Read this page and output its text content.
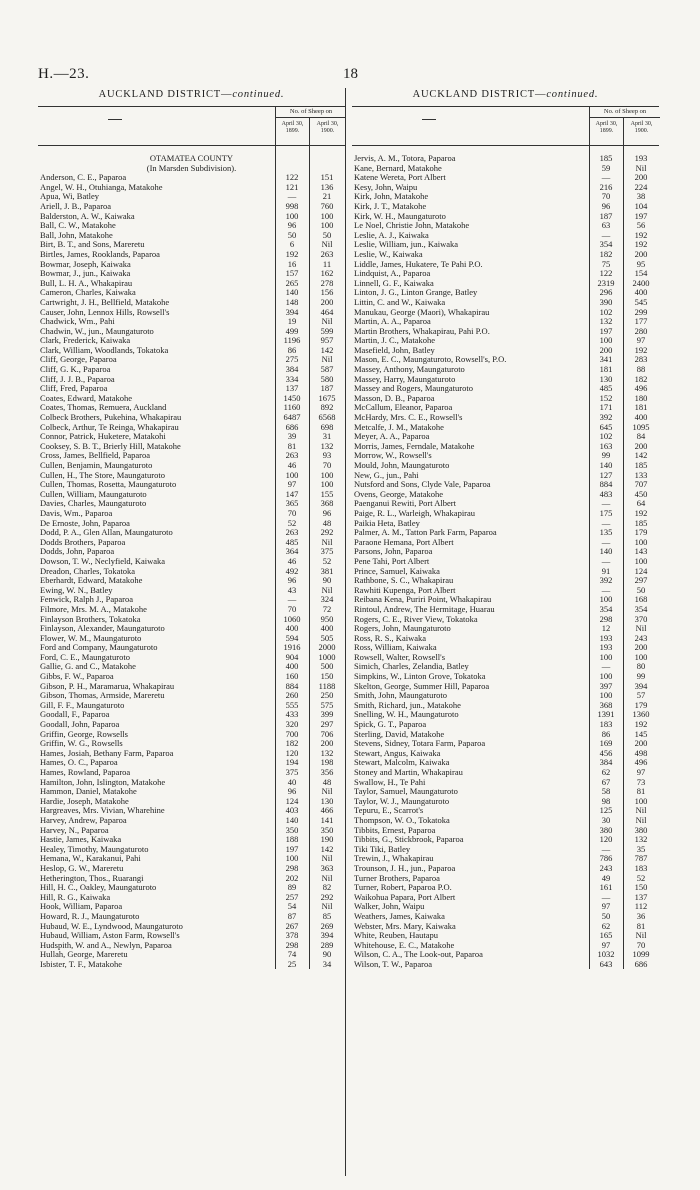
H.—23.	18
AUCKLAND DISTRICT—continued.
No. of Sheep on
April 30, 1899.
April 30, 1900.
OTAMATEA COUNTY
(In Marsden Subdivision).
Anderson, C. E., Paparoa	122	151
Angel, W. H., Otuhianga, Matakohe	121	136
Apua, Wi, Batley	—	21
Ariell, J. B., Paparoa	998	760
Balderston, A. W., Kaiwaka	100	100
Ball, C. W., Matakohe	96	100
Ball, John, Matakohe	50	50
Birt, B. T., and Sons, Mareretu	6	Nil
Birtles, James, Rooklands, Paparoa	192	263
Bowmar, Joseph, Kaiwaka	16	11
Bowmar, J., jun., Kaiwaka	157	162
Bull, L. H. A., Whakapirau	265	278
Cameron, Charles, Kaiwaka	140	156
Cartwright, J. H., Bellfield, Matakohe	148	200
Causer, John, Lennox Hills, Rowsell's	394	464
Chadwick, Wm., Pahi	19	Nil
Chadwin, W., jun., Maungaturoto	499	599
Clark, Frederick, Kaiwaka	1196	957
Clark, William, Woodlands, Tokatoka	86	142
Cliff, George, Paparoa	275	Nil
Cliff, G. K., Paparoa	384	587
Cliff, J. J. B., Paparoa	334	580
Cliff, Fred, Paparoa	137	187
Coates, Edward, Matakohe	1450	1675
Coates, Thomas, Remuera, Auckland	1160	892
Colbeck Brothers, Pukehina, Whakapirau	6487	6568
Colbeck, Arthur, Te Reinga, Whakapirau	686	698
Connor, Patrick, Huketere, Matakohi	39	31
Cooksey, S. B. T., Brierly Hill, Matakohe	81	132
Cross, James, Bellfield, Paparoa	263	93
Cullen, Benjamin, Maungaturoto	46	70
Cullen, H., The Store, Maungaturoto	100	100
Cullen, Thomas, Rosetta, Maungaturoto	97	100
Cullen, William, Maungaturoto	147	155
Davies, Charles, Maungaturoto	365	368
Davis, Wm., Paparoa	70	96
De Ernoste, John, Paparoa	52	48
Dodd, P. A., Glen Allan, Maungaturoto	263	292
Dodds Brothers, Paparoa	485	Nil
Dodds, John, Paparoa	364	375
Dowson, T. W., Neclyfield, Kaiwaka	46	52
Dreadon, Charles, Tokatoka	492	381
Eberhardt, Edward, Matakohe	96	90
Ewing, W. N., Batley	43	Nil
Fenwick, Ralph J., Paparoa	—	324
Filmore, Mrs. M. A., Matakohe	70	72
Finlayson Brothers, Tokatoka	1060	950
Finlayson, Alexander, Maungaturoto	400	400
Flower, W. M., Maungaturoto	594	505
Ford and Company, Maungaturoto	1916	2000
Ford, C. E., Maungaturoto	904	1000
Gallie, G. and C., Matakohe	400	500
Gibbs, F. W., Paparoa	160	150
Gibson, P. H., Maramarua, Whakapirau	884	1188
Gibson, Thomas, Armside, Mareretu	260	250
Gill, F. F., Maungaturoto	555	575
Goodall, F., Paparoa	433	399
Goodall, John, Paparoa	320	297
Griffin, George, Rowsells	700	706
Griffin, W. G., Rowsells	182	200
Hames, Josiah, Bethany Farm, Paparoa	120	132
Hames, O. C., Paparoa	194	198
Hames, Rowland, Paparoa	375	356
Hamilton, John, Islington, Matakohe	40	48
Hammon, Daniel, Matakohe	96	Nil
Hardie, Joseph, Matakohe	124	130
Hargreaves, Mrs. Vivian, Wharehine	403	466
Harvey, Andrew, Paparoa	140	141
Harvey, N., Paparoa	350	350
Hastie, James, Kaiwaka	188	190
Healey, Timothy, Maungaturoto	197	142
Hemana, W., Karakanui, Pahi	100	Nil
Heslop, G. W., Mareretu	298	363
Hetherington, Thos., Ruarangi	202	Nil
Hill, H. C., Oakley, Maungaturoto	89	82
Hill, R. G., Kaiwaka	257	292
Hook, William, Paparoa	54	Nil
Howard, R. J., Maungaturoto	87	85
Hubaud, W. E., Lyndwood, Maungaturoto	267	269
Hubaud, William, Aston Farm, Rowsell's	378	394
Hudspith, W. and A., Newlyn, Paparoa	298	289
Hullah, George, Mareretu	74	90
Isbister, T. F., Matakohe	25	34
AUCKLAND DISTRICT—continued.
No. of Sheep on
April 30, 1899.
April 30, 1900.
Jervis, A. M., Totora, Paparoa	185	193
Kane, Bernard, Matakohe	59	Nil
Katene Wereta, Port Albert	—	200
Kesy, John, Waipu	216	224
Kirk, John, Matakohe	70	38
Kirk, J. T., Matakohe	96	104
Kirk, W. H., Maungaturoto	187	197
Le Noel, Christie John, Matakohe	63	56
Leslie, A. J., Kaiwaka	—	192
Leslie, William, jun., Kaiwaka	354	192
Leslie, W., Kaiwaka	182	200
Liddle, James, Hukatere, Te Pahi P.O.	75	95
Lindquist, A., Paparoa	122	154
Linnell, G. F., Kaiwaka	2319	2400
Linton, J. G., Linton Grange, Batley	296	400
Littin, C. and W., Kaiwaka	390	545
Manukau, George (Maori), Whakapirau	102	299
Martin, A. A., Paparoa	132	177
Martin Brothers, Whakapirau, Pahi P.O.	197	280
Martin, J. C., Matakohe	100	97
Masefield, John, Batley	200	192
Mason, E. C., Maungaturoto, Rowsell's, P.O.	341	283
Massey, Anthony, Maungaturoto	181	88
Massey, Harry, Maungaturoto	130	182
Massey and Rogers, Maungaturoto	485	496
Masson, D. B., Paparoa	152	180
McCallum, Eleanor, Paparoa	171	181
McHardy, Mrs. C. E., Rowsell's	392	400
Metcalfe, J. M., Matakohe	645	1095
Meyer, A. A., Paparoa	102	84
Morris, James, Ferndale, Matakohe	163	200
Morrow, W., Rowsell's	99	142
Mould, John, Maungaturoto	140	185
New, G., jun., Pahi	127	133
Nutsford and Sons, Clyde Vale, Paparoa	884	707
Ovens, George, Matakohe	483	450
Paenganui Rewiti, Port Albert	—	64
Paige, R. L., Warleigh, Whakapirau	175	192
Paikia Heta, Batley	—	185
Palmer, A. M., Tatton Park Farm, Paparoa	135	179
Paraone Hemana, Port Albert	—	100
Parsons, John, Paparoa	140	143
Pene Tahi, Port Albert	—	100
Prince, Samuel, Kaiwaka	91	124
Rathbone, S. C., Whakapirau	392	297
Rawhiti Kupenga, Port Albert	—	50
Reibana Kena, Puriri Point, Whakapirau	100	168
Rintoul, Andrew, The Hermitage, Huarau	354	354
Rogers, C. E., River View, Tokatoka	298	370
Rogers, John, Maungaturoto	12	Nil
Ross, R. S., Kaiwaka	193	243
Ross, William, Kaiwaka	193	200
Rowsell, Walter, Rowsell's	100	100
Simich, Charles, Zelandia, Batley	—	80
Simpkins, W., Linton Grove, Tokatoka	100	99
Skelton, George, Summer Hill, Paparoa	397	394
Smith, John, Maungaturoto	100	57
Smith, Richard, jun., Matakohe	368	179
Snelling, W. H., Maungaturoto	1391	1360
Spick, G. T., Paparoa	183	192
Sterling, David, Matakohe	86	145
Stevens, Sidney, Totara Farm, Paparoa	169	200
Stewart, Angus, Kaiwaka	456	498
Stewart, Malcolm, Kaiwaka	384	496
Stoney and Martin, Whakapirau	62	97
Swallow, H., Te Pahi	67	73
Taylor, Samuel, Maungaturoto	58	81
Taylor, W. J., Maungaturoto	98	100
Tepuru, E., Scarrot's	125	Nil
Thompson, W. O., Tokatoka	30	Nil
Tibbits, Ernest, Paparoa	380	380
Tibbits, G., Stickbrook, Paparoa	120	132
Tiki Tiki, Batley	—	35
Trewin, J., Whakapirau	786	787
Trounson, J. H., jun., Paparoa	243	183
Turner Brothers, Paparoa	49	52
Turner, Robert, Paparoa P.O.	161	150
Waikohua Papara, Port Albert	—	137
Walker, John, Waipu	97	112
Weathers, James, Kaiwaka	50	36
Webster, Mrs. Mary, Kaiwaka	62	81
White, Reuben, Hautapu	165	Nil
Whitehouse, E. C., Matakohe	97	70
Wilson, C. A., The Look-out, Paparoa	1032	1099
Wilson, T. W., Paparoa	643	686
